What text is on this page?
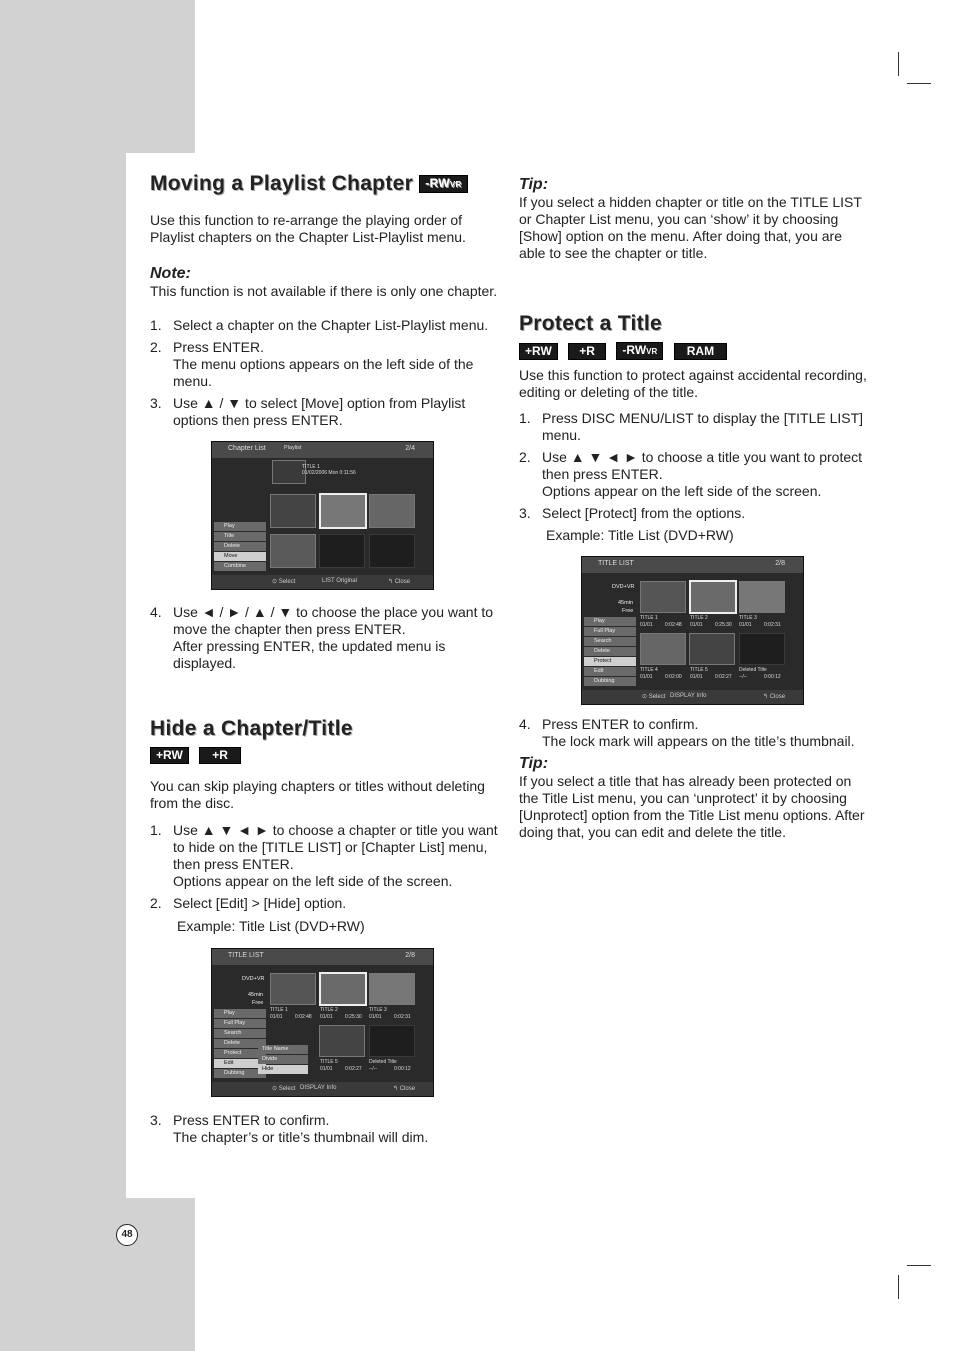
48
Moving a Playlist Chapter -RWVR

Use this function to re-arrange the playing order of Playlist chapters on the Chapter List-Playlist menu.

Note:

This function is not available if there is only one chapter.

1. Select a chapter on the Chapter List-Playlist menu.
2. Press ENTER.
The menu options appears on the left side of the menu.
3. Use ▲ / ▼ to select [Move] option from Playlist options then press ENTER.
Chapter List	Playlist	2/4
TITLE 1
01/02/2006 Mon 0:11:56
Play
Title
Delete
Move
Combine
⊙ Select	LIST Original	↰ Close
4. Use ◄ / ► / ▲ / ▼ to choose the place you want to move the chapter then press ENTER.
After pressing ENTER, the updated menu is displayed.
Hide a Chapter/Title
+RW +R

You can skip playing chapters or titles without deleting from the disc.

1. Use ▲ ▼ ◄ ► to choose a chapter or title you want to hide on the [TITLE LIST] or [Chapter List] menu, then press ENTER.
Options appear on the left side of the screen.
2. Select [Edit] > [Hide] option.
Example: Title List (DVD+RW)
TITLE LIST	2/8
DVD+VR
45min
Free
Play
Full Play
Search
Delete
Protect
Edit
Dubbing
Title Name
Divide
Hide
TITLE 1
01/01 0:02:48
TITLE 2
01/01 0:25:30
TITLE 3
01/01 0:02:31
TITLE 5
01/01 0:02:27
Deleted Title
--/--	0:00:12
⊙ Select DISPLAY Info	↰ Close
3. Press ENTER to confirm.
The chapter’s or title’s thumbnail will dim.
Tip:

If you select a hidden chapter or title on the TITLE LIST or Chapter List menu, you can ‘show’ it by choosing [Show] option on the menu. After doing that, you are able to see the chapter or title.

Protect a Title
+RW +R -RWVR RAM

Use this function to protect against accidental recording, editing or deleting of the title.

1. Press DISC MENU/LIST to display the [TITLE LIST] menu.
2. Use ▲ ▼ ◄ ► to choose a title you want to protect then press ENTER.
Options appear on the left side of the screen.
3. Select [Protect] from the options.
Example: Title List (DVD+RW)
TITLE LIST	2/8
DVD+VR
45min
Free
Play
Full Play
Search
Delete
Protect
Edit
Dubbing
TITLE 1
01/01 0:02:48
TITLE 2
01/01 0:25:30
TITLE 3
01/01 0:02:31
TITLE 4
01/01 0:02:00
TITLE 5
01/01 0:02:27
Deleted Title
--/--	0:00:12
⊙ Select DISPLAY Info	↰ Close
4. Press ENTER to confirm.
The lock mark will appears on the title’s thumbnail.
Tip:

If you select a title that has already been protected on the Title List menu, you can ‘unprotect’ it by choosing [Unprotect] option from the Title List menu options. After doing that, you can edit and delete the title.
